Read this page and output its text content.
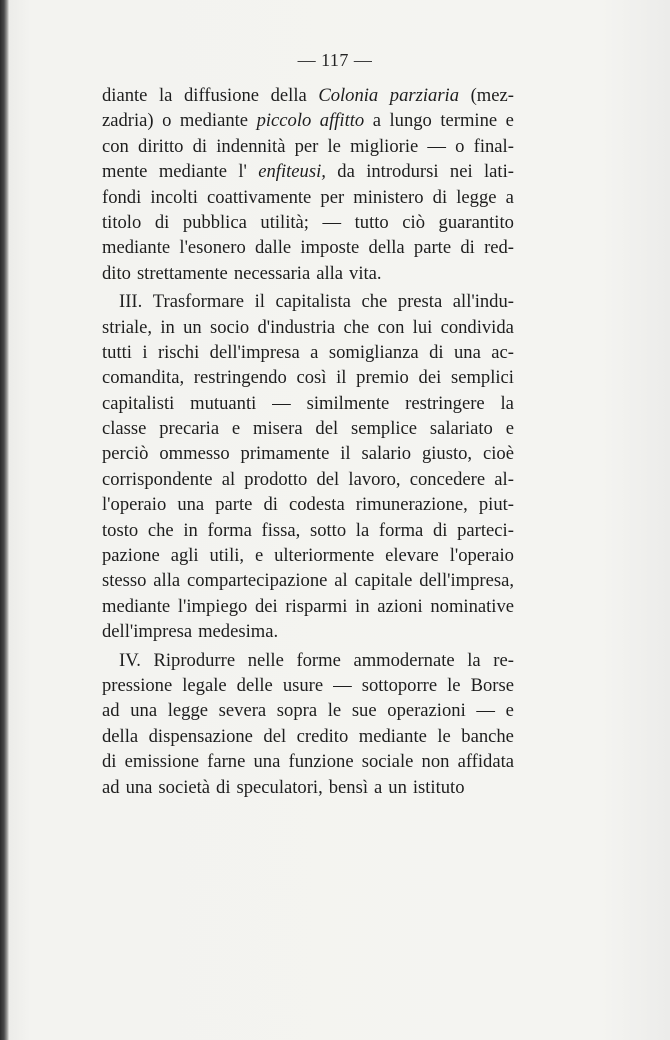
— 117 —
diante la diffusione della Colonia parziaria (mez-
zadria) o mediante piccolo affitto a lungo termine e
con diritto di indennità per le migliorie — o final-
mente mediante l' enfiteusi, da introdursi nei lati-
fondi incolti coattivamente per ministero di legge a
titolo di pubblica utilità; — tutto ciò guarantito
mediante l'esonero dalle imposte della parte di red-
dito strettamente necessaria alla vita.
III. Trasformare il capitalista che presta all'indu-
striale, in un socio d'industria che con lui condivida
tutti i rischi dell'impresa a somiglianza di una ac-
comandita, restringendo così il premio dei semplici
capitalisti mutuanti — similmente restringere la
classe precaria e misera del semplice salariato e
perciò ommesso primamente il salario giusto, cioè
corrispondente al prodotto del lavoro, concedere al-
l'operaio una parte di codesta rimunerazione, piut-
tosto che in forma fissa, sotto la forma di parteci-
pazione agli utili, e ulteriormente elevare l'operaio
stesso alla compartecipazione al capitale dell'impresa,
mediante l'impiego dei risparmi in azioni nominative
dell'impresa medesima.
IV. Riprodurre nelle forme ammodernate la re-
pressione legale delle usure — sottoporre le Borse
ad una legge severa sopra le sue operazioni — e
della dispensazione del credito mediante le banche
di emissione farne una funzione sociale non affidata
ad una società di speculatori, bensì a un istituto
